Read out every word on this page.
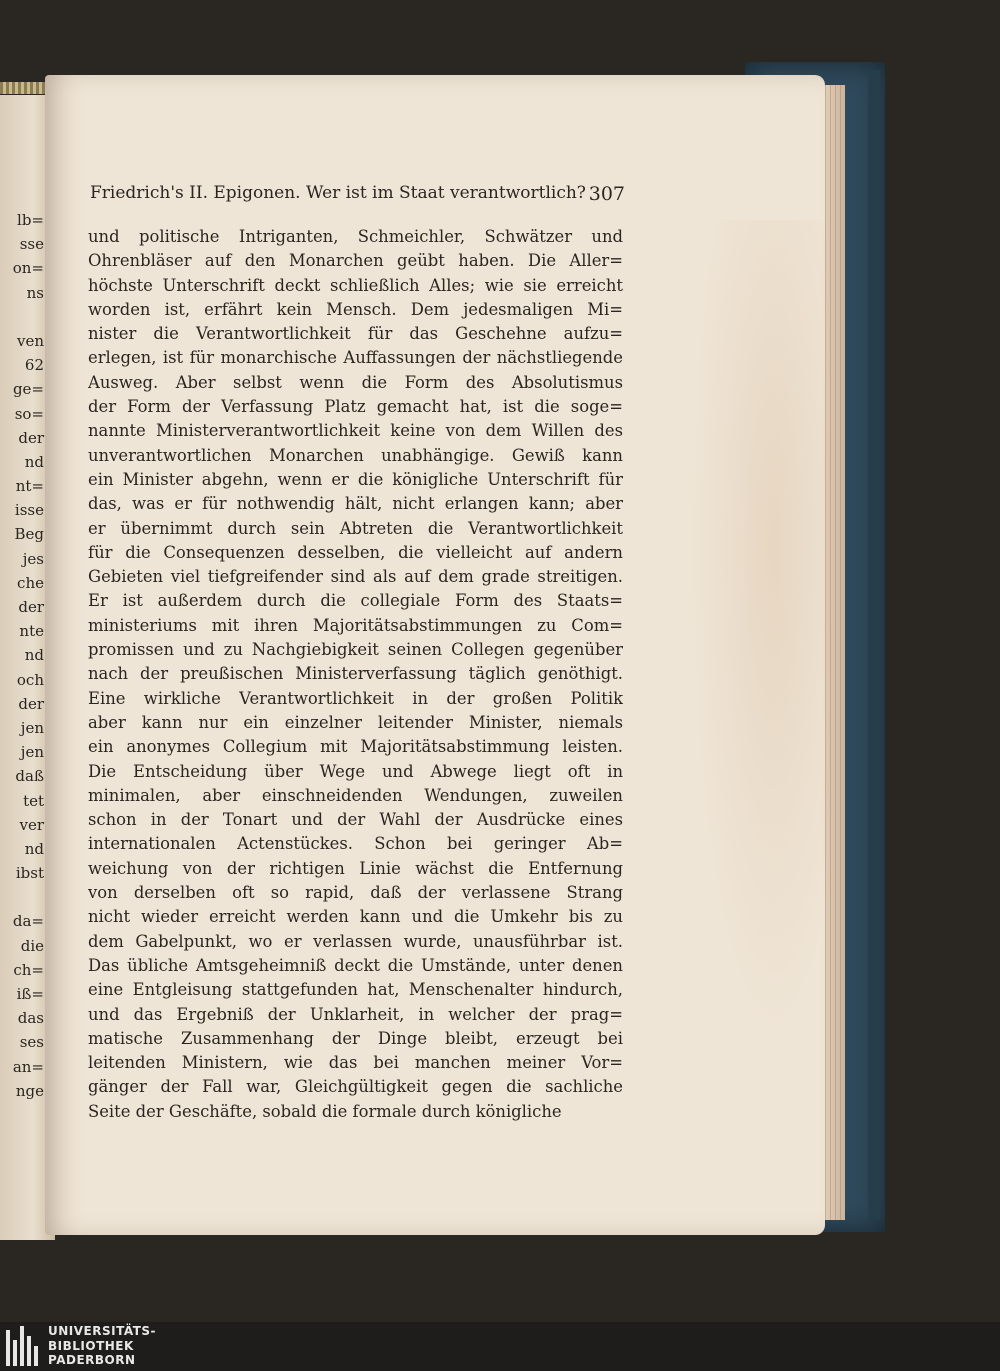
lb=
sse
on=
ns
ven
62
ge=
so=
der
nd
nt=
isse
Beg
jes
che
der
nte
nd
och
der
jen
jen
daß
tet
ver
nd
ibst
da=
die
ch=
iß=
das
ses
an=
nge
Friedrich's II. Epigonen. Wer ist im Staat verantwortlich? 307
und politische Intriganten, Schmeichler, Schwätzer und
Ohrenbläser auf den Monarchen geübt haben. Die Aller=
höchste Unterschrift deckt schließlich Alles; wie sie erreicht
worden ist, erfährt kein Mensch. Dem jedesmaligen Mi=
nister die Verantwortlichkeit für das Geschehne aufzu=
erlegen, ist für monarchische Auffassungen der nächstliegende
Ausweg. Aber selbst wenn die Form des Absolutismus
der Form der Verfassung Platz gemacht hat, ist die soge=
nannte Ministerverantwortlichkeit keine von dem Willen des
unverantwortlichen Monarchen unabhängige. Gewiß kann
ein Minister abgehn, wenn er die königliche Unterschrift für
das, was er für nothwendig hält, nicht erlangen kann; aber
er übernimmt durch sein Abtreten die Verantwortlichkeit
für die Consequenzen desselben, die vielleicht auf andern
Gebieten viel tiefgreifender sind als auf dem grade streitigen.
Er ist außerdem durch die collegiale Form des Staats=
ministeriums mit ihren Majoritätsabstimmungen zu Com=
promissen und zu Nachgiebigkeit seinen Collegen gegenüber
nach der preußischen Ministerverfassung täglich genöthigt.
Eine wirkliche Verantwortlichkeit in der großen Politik
aber kann nur ein einzelner leitender Minister, niemals
ein anonymes Collegium mit Majoritätsabstimmung leisten.
Die Entscheidung über Wege und Abwege liegt oft in
minimalen, aber einschneidenden Wendungen, zuweilen
schon in der Tonart und der Wahl der Ausdrücke eines
internationalen Actenstückes. Schon bei geringer Ab=
weichung von der richtigen Linie wächst die Entfernung
von derselben oft so rapid, daß der verlassene Strang
nicht wieder erreicht werden kann und die Umkehr bis zu
dem Gabelpunkt, wo er verlassen wurde, unausführbar ist.
Das übliche Amtsgeheimniß deckt die Umstände, unter denen
eine Entgleisung stattgefunden hat, Menschenalter hindurch,
und das Ergebniß der Unklarheit, in welcher der prag=
matische Zusammenhang der Dinge bleibt, erzeugt bei
leitenden Ministern, wie das bei manchen meiner Vor=
gänger der Fall war, Gleichgültigkeit gegen die sachliche
Seite der Geschäfte, sobald die formale durch königliche
UNIVERSITÄTS-
BIBLIOTHEK
PADERBORN
